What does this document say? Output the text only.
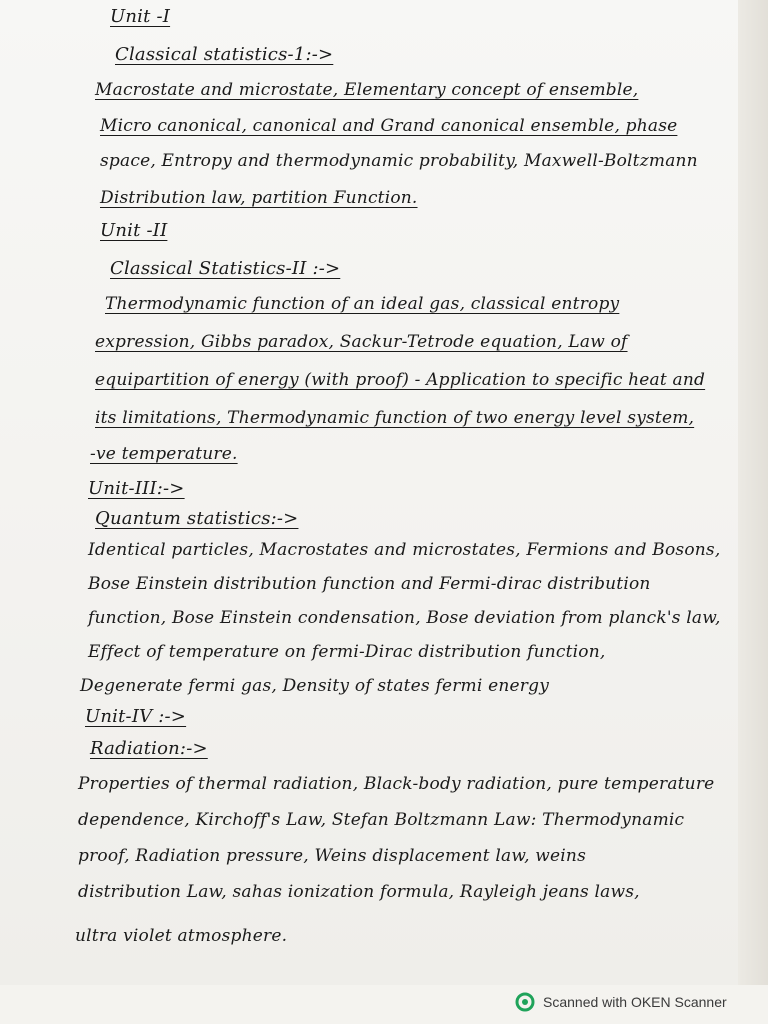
Unit -I
Classical statistics-1:->
Macrostate and microstate, Elementary concept of ensemble,
Micro canonical, canonical and Grand canonical ensemble, phase
space, Entropy and thermodynamic probability, Maxwell-Boltzmann
Distribution law, partition Function.
Unit -II
Classical Statistics-II :->
Thermodynamic function of an ideal gas, classical entropy
expression, Gibbs paradox, Sackur-Tetrode equation, Law of
equipartition of energy (with proof) - Application to specific heat and
its limitations, Thermodynamic function of two energy level system,
-ve temperature.
Unit-III:->
Quantum statistics:->
Identical particles, Macrostates and microstates, Fermions and Bosons,
Bose Einstein distribution function and Fermi-dirac distribution
function, Bose Einstein condensation, Bose deviation from planck's law,
Effect of temperature on fermi-Dirac distribution function,
Degenerate fermi gas, Density of states fermi energy
Unit-IV :->
Radiation:->
Properties of thermal radiation, Black-body radiation, pure temperature
dependence, Kirchoff's Law, Stefan Boltzmann Law: Thermodynamic
proof, Radiation pressure, Weins displacement law, weins
distribution Law, sahas ionization formula, Rayleigh jeans laws,
ultra violet atmosphere.
Scanned with OKEN Scanner
